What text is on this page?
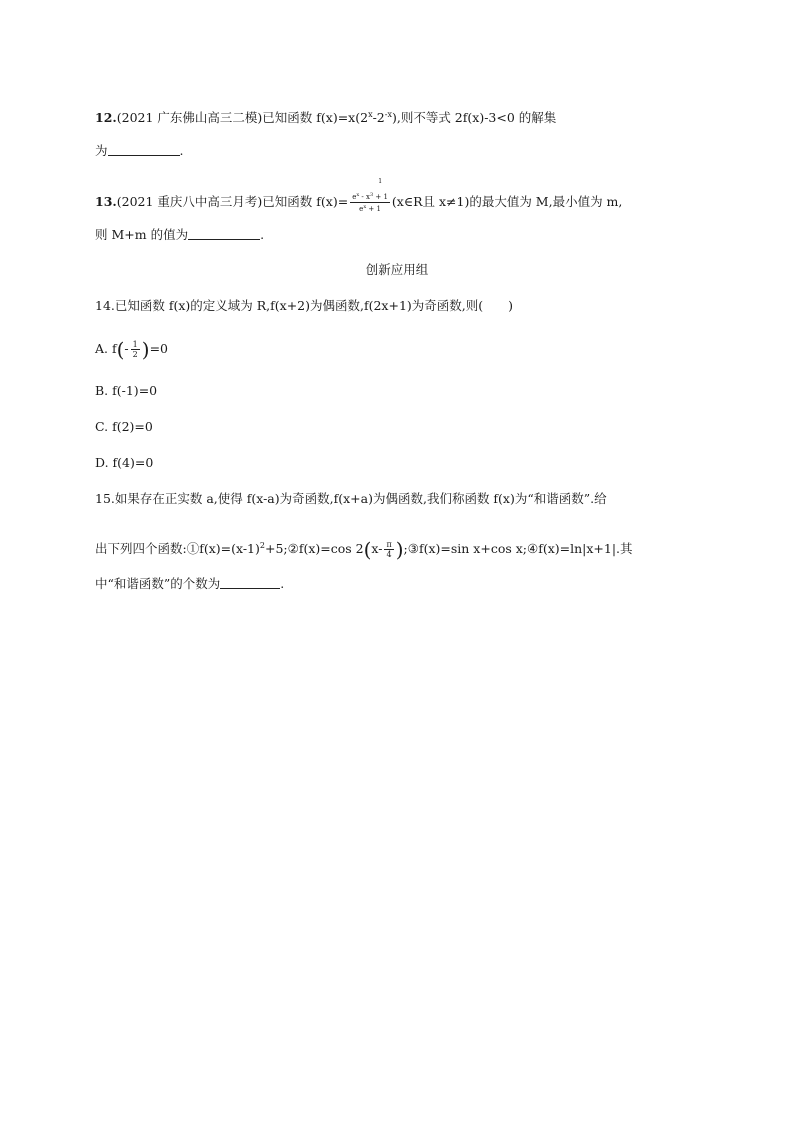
12.(2021 广东佛山高三二模)已知函数 $f(x)=x(2^x-2^{-x})$,则不等式 2f(x)-3<0 的解集
为	.
13.(2021 重庆八中高三月考)已知函数 $f(x)= e^x - x^3 + 1$
1
$e^x + 1$ (x∈R且 x≠1)的最大值为 M,最小值为 m,
则 M+m 的值为	.
创新应用组
14.已知函数 f(x)的定义域为 R,f(x+2)为偶函数,f(2x+1)为奇函数,则(　　)
A. $f(- \frac{1}{2} )=0$
B. f(-1)=0
C. f(2)=0
D. f(4)=0
15.如果存在正实数 a,使得 f(x-a)为奇函数,f(x+a)为偶函数,我们称函数 f(x)为“和谐函数”.给
出下列四个函数$:①f(x)=(x-1)^2+5;②f(x)=\cos$ $2(x- \frac{\pi}{4}$ );③f(x)=sin x+cos x;④f(x)=ln|x+1|.其
中“和谐函数”的个数为	.
